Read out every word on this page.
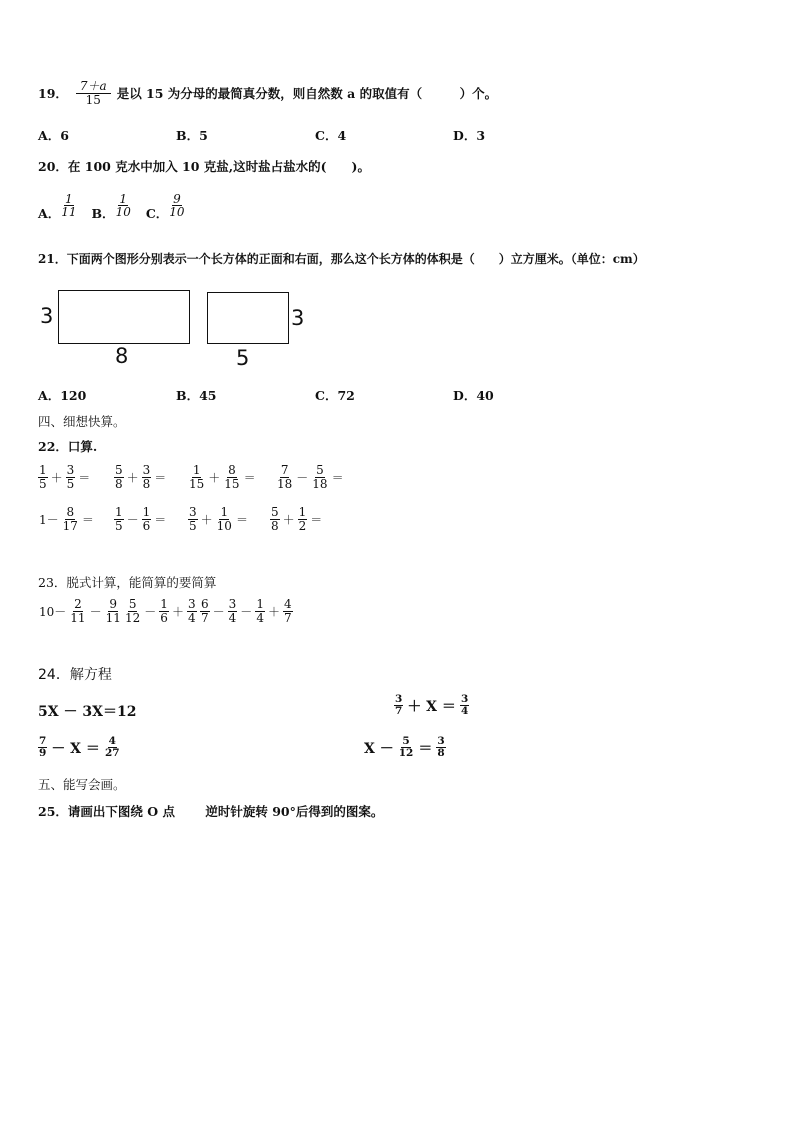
19． $\frac{7+a}{15}$ 是以 15 为分母的最简真分数，则自然数 a 的取值有（　　　）个。
A．6	B．5	C．4	D．3
20．在 100 克水中加入 10 克盐,这时盐占盐水的(　　)。
A． $\frac{1}{11}$ B． $\frac{1}{10}$ C． $\frac{9}{10}$
21．下面两个图形分别表示一个长方体的正面和右面，那么这个长方体的体积是（　　）立方厘米。（单位：cm）
3
8
3
5
A．120	B．45	C．72	D．40
四、细想快算。
22．口算.
$\frac{1}{5} + \frac{3}{5} = \frac{5}{8} + \frac{3}{8} = \frac{1}{15} + \frac{8}{15} = \frac{7}{18} - \frac{5}{18}$ ＝
$1- \frac{8}{17} = \frac{1}{5} - \frac{1}{6} = \frac{3}{5} + \frac{1}{10} = \frac{5}{8} + \frac{1}{2}$ ＝
23．脱式计算，能简算的要简算
$10- \frac{2}{11} - \frac{9}{11} \frac{5}{12} - \frac{1}{6} + \frac{3}{4} \frac{6}{7} - \frac{3}{4} - \frac{1}{4} + \frac{4}{7}$
24．解方程
5X － 3X＝12	$\frac{3}{7} + X = \frac{3}{4}$
$\frac{7}{9} - X = \frac{4}{27}$	$X - \frac{5}{12} = \frac{3}{8}$
五、能写会画。
25．请画出下图绕 O 点 逆时针旋转 90°后得到的图案。
